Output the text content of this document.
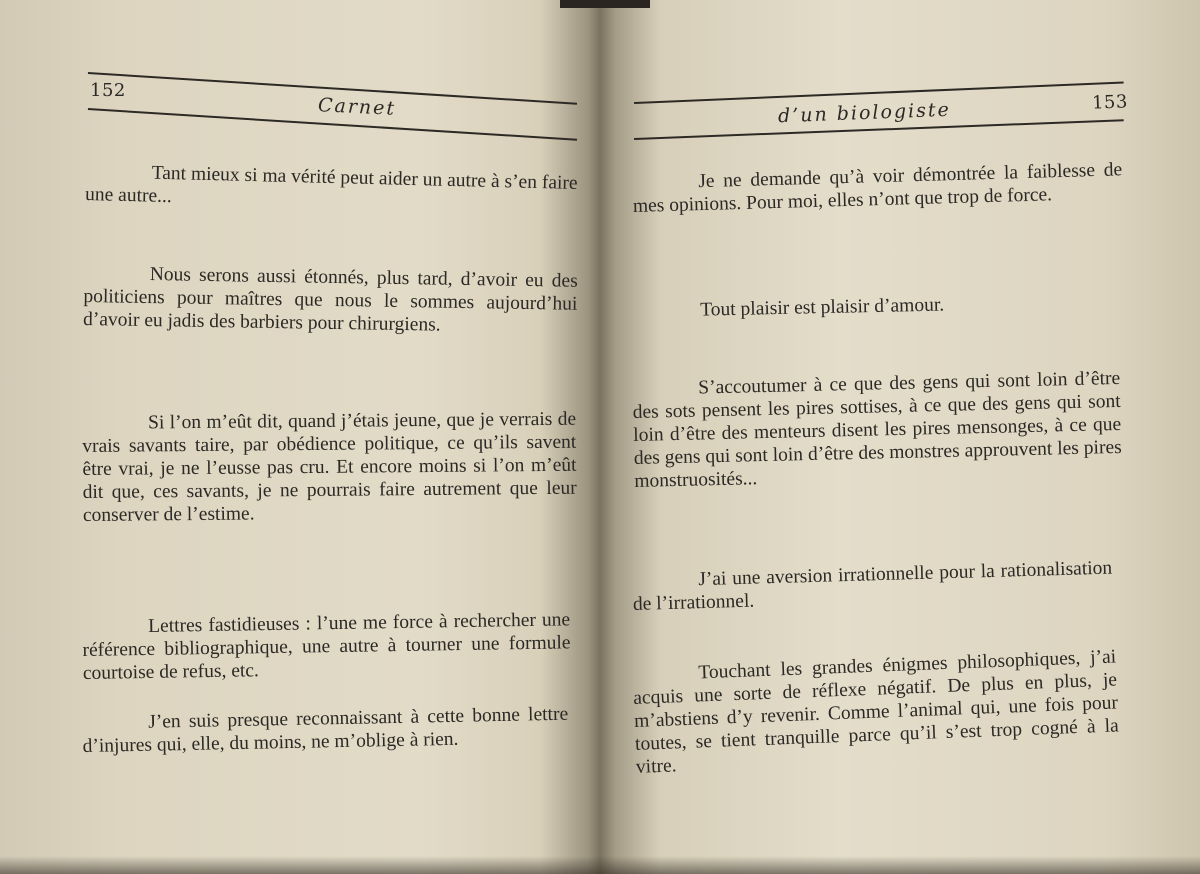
152
Carnet

Tant mieux si ma vérité peut aider un autre à s’en faire une autre...

Nous serons aussi étonnés, plus tard, d’avoir eu des politiciens pour maîtres que nous le sommes aujourd’hui d’avoir eu jadis des barbiers pour chirurgiens.

Si l’on m’eût dit, quand j’étais jeune, que je verrais de vrais savants taire, par obédience politique, ce qu’ils savent être vrai, je ne l’eusse pas cru. Et encore moins si l’on m’eût dit que, ces savants, je ne pourrais faire autrement que leur conserver de l’estime.

Lettres fastidieuses : l’une me force à rechercher une référence bibliographique, une autre à tourner une formule courtoise de refus, etc.

J’en suis presque reconnaissant à cette bonne lettre d’injures qui, elle, du moins, ne m’oblige à rien.

d’un biologiste	153

Je ne demande qu’à voir démontrée la faiblesse de mes opinions. Pour moi, elles n’ont que trop de force.

Tout plaisir est plaisir d’amour.

S’accoutumer à ce que des gens qui sont loin d’être des sots pensent les pires sottises, à ce que des gens qui sont loin d’être des menteurs disent les pires mensonges, à ce que des gens qui sont loin d’être des monstres approuvent les pires monstruosités...

J’ai une aversion irrationnelle pour la rationalisation de l’irrationnel.

Touchant les grandes énigmes philosophiques, j’ai acquis une sorte de réflexe négatif. De plus en plus, je m’abstiens d’y revenir. Comme l’animal qui, une fois pour toutes, se tient tranquille parce qu’il s’est trop cogné à la vitre.
